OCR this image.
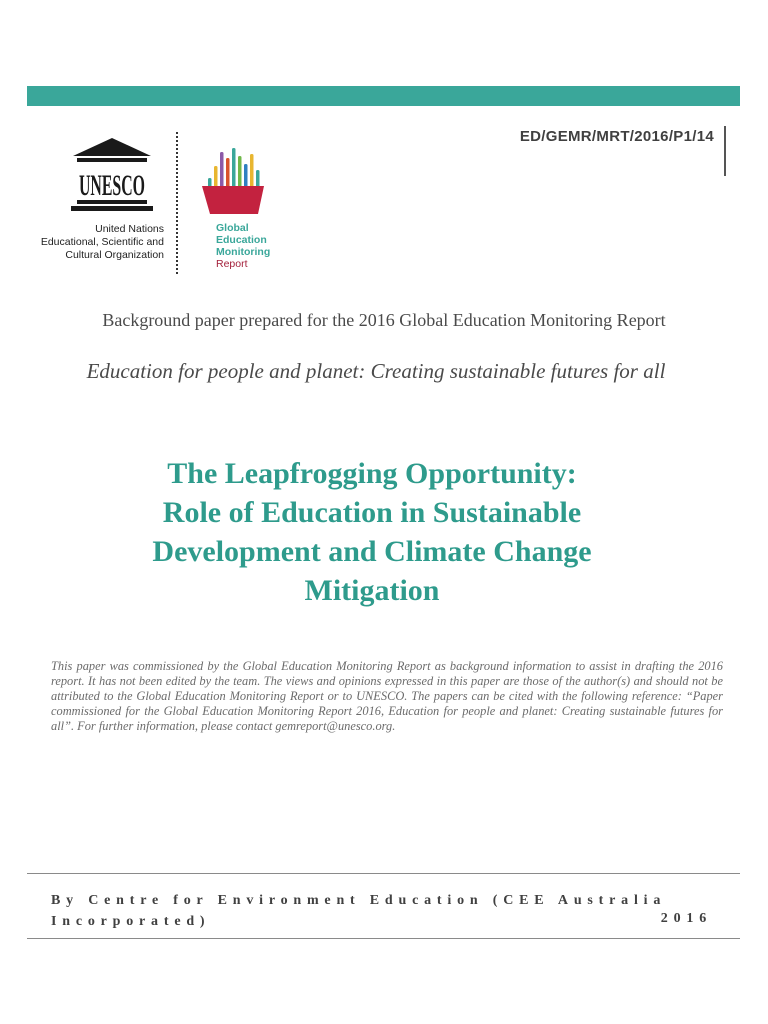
ED/GEMR/MRT/2016/P1/14
UNESCO
United Nations
Educational, Scientific and
Cultural Organization
Global
Education
Monitoring
Report
Background paper prepared for the 2016 Global Education Monitoring Report
Education for people and planet: Creating sustainable futures for all
The Leapfrogging Opportunity:
Role of Education in Sustainable
Development and Climate Change
Mitigation

This paper was commissioned by the Global Education Monitoring Report as background information to assist in drafting the 2016 report. It has not been edited by the team. The views and opinions expressed in this paper are those of the author(s) and should not be attributed to the Global Education Monitoring Report or to UNESCO. The papers can be cited with the following reference: “Paper commissioned for the Global Education Monitoring Report 2016, Education for people and planet: Creating sustainable futures for all”. For further information, please contact gemreport@unesco.org.

By Centre for Environment Education (CEE Australia Incorporated)	2016
